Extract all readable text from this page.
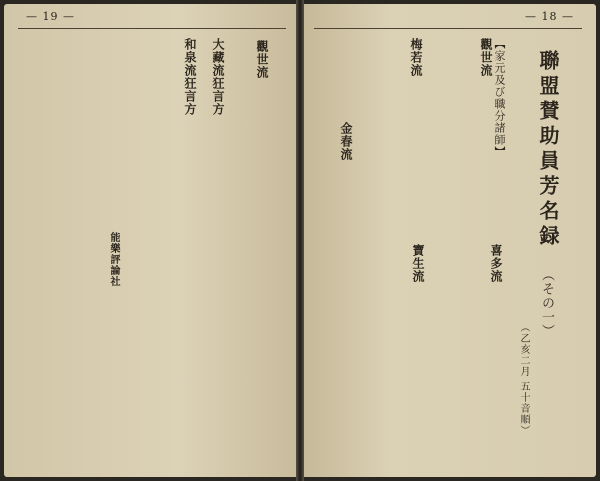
— 19 —
觀世流
大藏流狂言方
和泉流狂言方
能樂評論社
— 18 —
聯盟賛助員芳名録
（その一）
（乙亥二月 五十音順）
【家元及び職分諸師】
觀世流
梅若流
寶生流	喜多流
金春流
